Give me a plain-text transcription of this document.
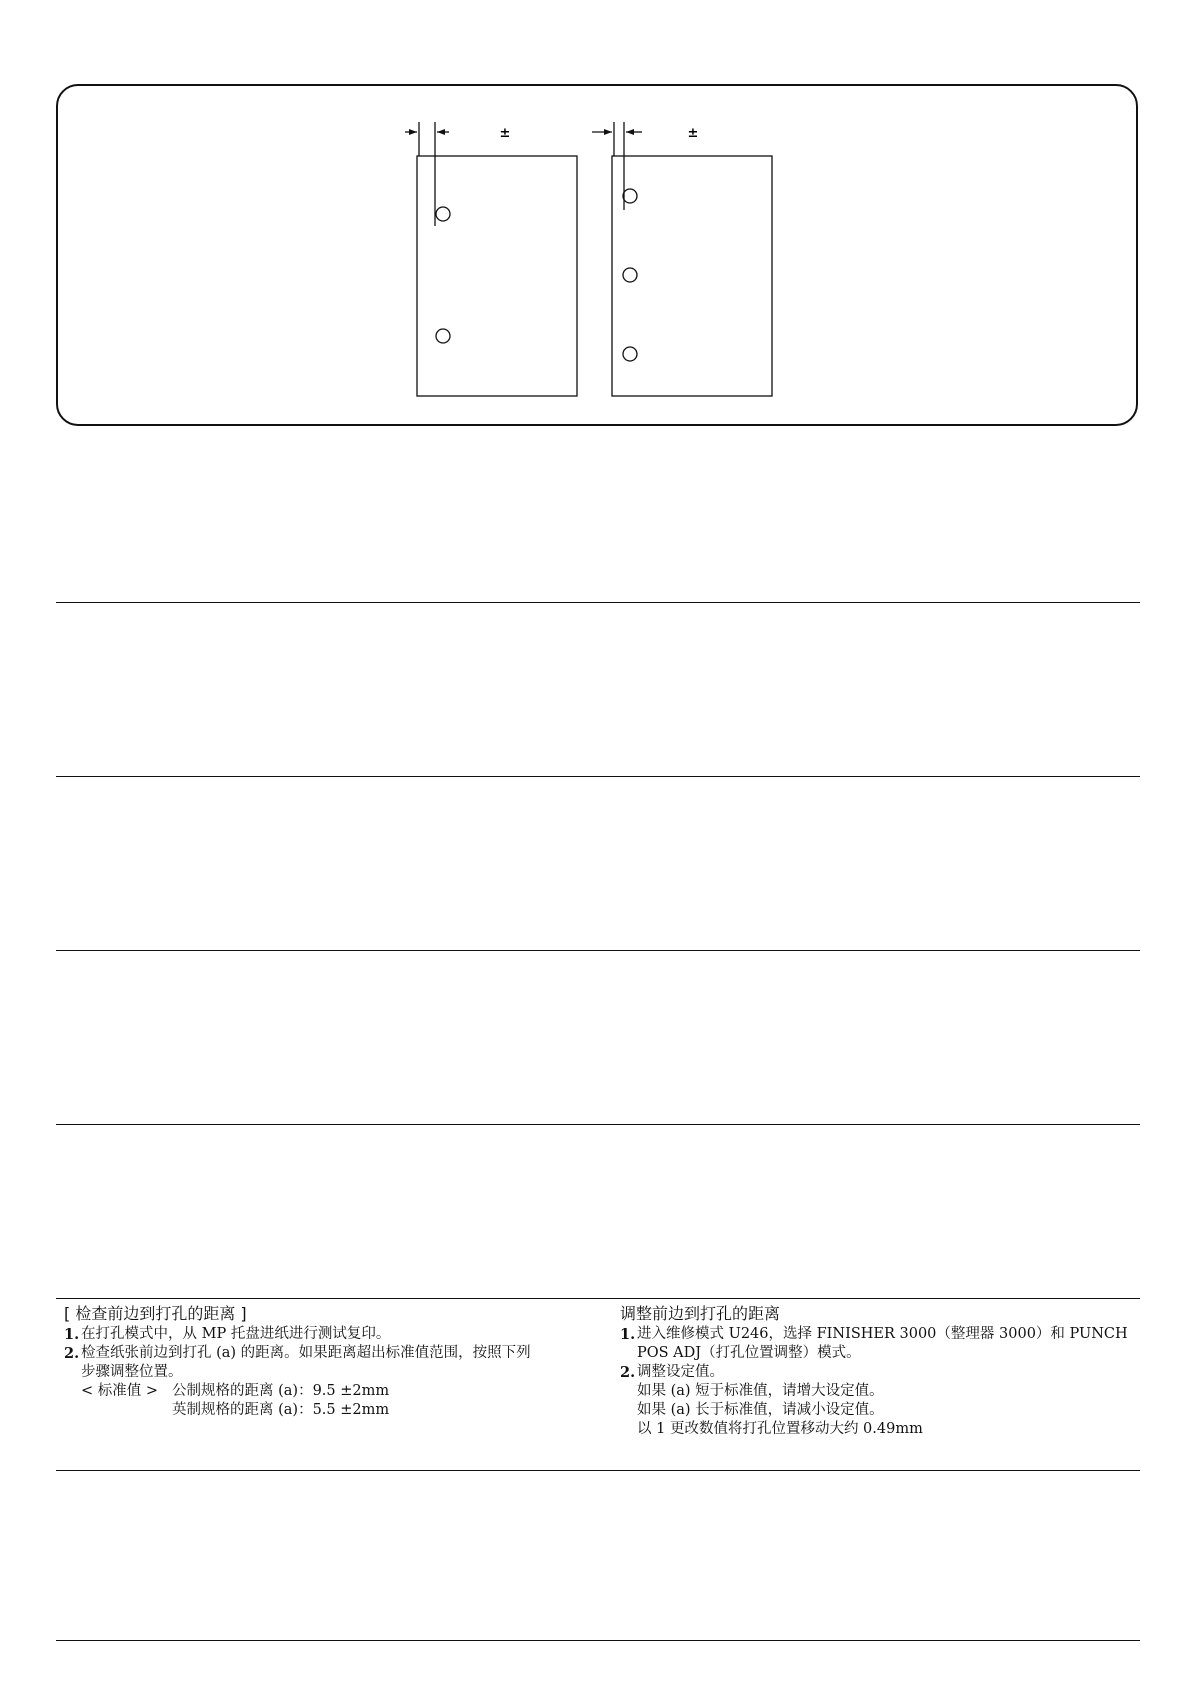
±	±
[ 检查前边到打孔的距离 ]
1. 在打孔模式中，从 MP 托盘进纸进行测试复印。
2. 检查纸张前边到打孔 (a) 的距离。如果距离超出标准值范围，按照下列
步骤调整位置。
< 标准值 > 公制规格的距离 (a)：9.5 ±2mm
英制规格的距离 (a)：5.5 ±2mm
调整前边到打孔的距离
1. 进入维修模式 U246，选择 FINISHER 3000（整理器 3000）和 PUNCH
POS ADJ（打孔位置调整）模式。
2. 调整设定值。
如果 (a) 短于标准值，请增大设定值。
如果 (a) 长于标准值，请减小设定值。
以 1 更改数值将打孔位置移动大约 0.49mm
